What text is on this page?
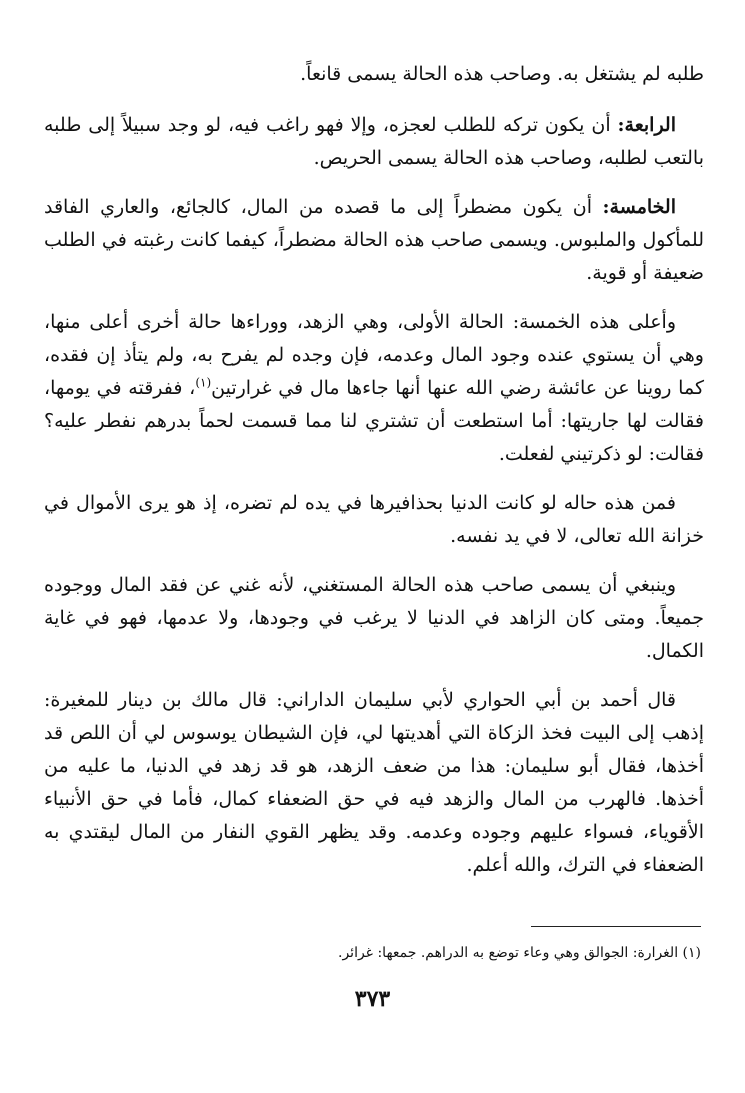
طلبه لم يشتغل به. وصاحب هذه الحالة يسمى قانعاً.

الرابعة: أن يكون تركه للطلب لعجزه، وإلا فهو راغب فيه، لو وجد سبيلاً إلى طلبه بالتعب لطلبه، وصاحب هذه الحالة يسمى الحريص.

الخامسة: أن يكون مضطراً إلى ما قصده من المال، كالجائع، والعاري الفاقد للمأكول والملبوس. ويسمى صاحب هذه الحالة مضطراً، كيفما كانت رغبته في الطلب ضعيفة أو قوية.

وأعلى هذه الخمسة: الحالة الأولى، وهي الزهد، ووراءها حالة أخرى أعلى منها، وهي أن يستوي عنده وجود المال وعدمه، فإن وجده لم يفرح به، ولم يتأذ إن فقده، كما روينا عن عائشة رضي الله عنها أنها جاءها مال في غرارتين$^{(١)}$، ففرقته في يومها، فقالت لها جاريتها: أما استطعت أن تشتري لنا مما قسمت لحماً بدرهم نفطر عليه؟ فقالت: لو ذكرتيني لفعلت.

فمن هذه حاله لو كانت الدنيا بحذافيرها في يده لم تضره، إذ هو يرى الأموال في خزانة الله تعالى، لا في يد نفسه.

وينبغي أن يسمى صاحب هذه الحالة المستغني، لأنه غني عن فقد المال ووجوده جميعاً. ومتى كان الزاهد في الدنيا لا يرغب في وجودها، ولا عدمها، فهو في غاية الكمال.

قال أحمد بن أبي الحواري لأبي سليمان الداراني: قال مالك بن دينار للمغيرة: إذهب إلى البيت فخذ الزكاة التي أهديتها لي، فإن الشيطان يوسوس لي أن اللص قد أخذها، فقال أبو سليمان: هذا من ضعف الزهد، هو قد زهد في الدنيا، ما عليه من أخذها. فالهرب من المال والزهد فيه في حق الضعفاء كمال، فأما في حق الأنبياء الأقوياء، فسواء عليهم وجوده وعدمه. وقد يظهر القوي النفار من المال ليقتدي به الضعفاء في الترك، والله أعلم.

(١) الغرارة: الجوالق وهي وعاء توضع به الدراهم. جمعها: غرائر.
٣٧٣
